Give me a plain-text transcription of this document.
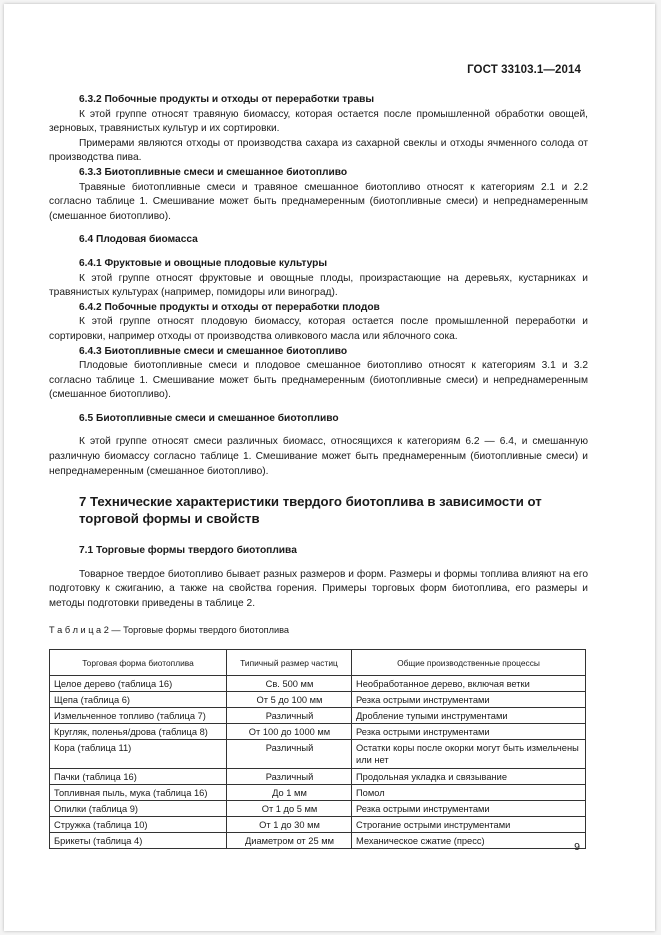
ГОСТ 33103.1—2014
6.3.2 Побочные продукты и отходы от переработки травы
К этой группе относят травяную биомассу, которая остается после промышленной обработки овощей, зерновых, травянистых культур и их сортировки.
Примерами являются отходы от производства сахара из сахарной свеклы и отходы ячменного солода от производства пива.
6.3.3 Биотопливные смеси и смешанное биотопливо
Травяные биотопливные смеси и травяное смешанное биотопливо относят к категориям 2.1 и 2.2 согласно таблице 1. Смешивание может быть преднамеренным (биотопливные смеси) и непреднамеренным (смешанное биотопливо).
6.4 Плодовая биомасса
6.4.1 Фруктовые и овощные плодовые культуры
К этой группе относят фруктовые и овощные плоды, произрастающие на деревьях, кустарниках и травянистых культурах (например, помидоры или виноград).
6.4.2 Побочные продукты и отходы от переработки плодов
К этой группе относят плодовую биомассу, которая остается после промышленной переработки и сортировки, например отходы от производства оливкового масла или яблочного сока.
6.4.3 Биотопливные смеси и смешанное биотопливо
Плодовые биотопливные смеси и плодовое смешанное биотопливо относят к категориям 3.1 и 3.2 согласно таблице 1. Смешивание может быть преднамеренным (биотопливные смеси) и непреднамеренным (смешанное биотопливо).
6.5 Биотопливные смеси и смешанное биотопливо
К этой группе относят смеси различных биомасс, относящихся к категориям 6.2 — 6.4, и смешанную различную биомассу согласно таблице 1. Смешивание может быть преднамеренным (биотопливные смеси) и непреднамеренным (смешанное биотопливо).
7 Технические характеристики твердого биотоплива в зависимости от торговой формы и свойств
7.1 Торговые формы твердого биотоплива
Товарное твердое биотопливо бывает разных размеров и форм. Размеры и формы топлива влияют на его подготовку к сжиганию, а также на свойства горения. Примеры торговых форм биотоплива, его размеры и методы подготовки приведены в таблице 2.
Т а б л и ц а 2 — Торговые формы твердого биотоплива
Торговая форма биотоплива	Типичный размер частиц	Общие производственные процессы
Целое дерево (таблица 16)	Св. 500 мм	Необработанное дерево, включая ветки
Щепа (таблица 6)	От 5 до 100 мм	Резка острыми инструментами
Измельченное топливо (таблица 7)	Различный	Дробление тупыми инструментами
Кругляк, поленья/дрова (таблица 8)	От 100 до 1000 мм	Резка острыми инструментами
Кора (таблица 11)	Различный	Остатки коры после окорки могут быть измельчены или нет
Пачки (таблица 16)	Различный	Продольная укладка и связывание
Топливная пыль, мука (таблица 16)	До 1 мм	Помол
Опилки (таблица 9)	От 1 до 5 мм	Резка острыми инструментами
Стружка (таблица 10)	От 1 до 30 мм	Строгание острыми инструментами
Брикеты (таблица 4)	Диаметром от 25 мм	Механическое сжатие (пресс)	9
